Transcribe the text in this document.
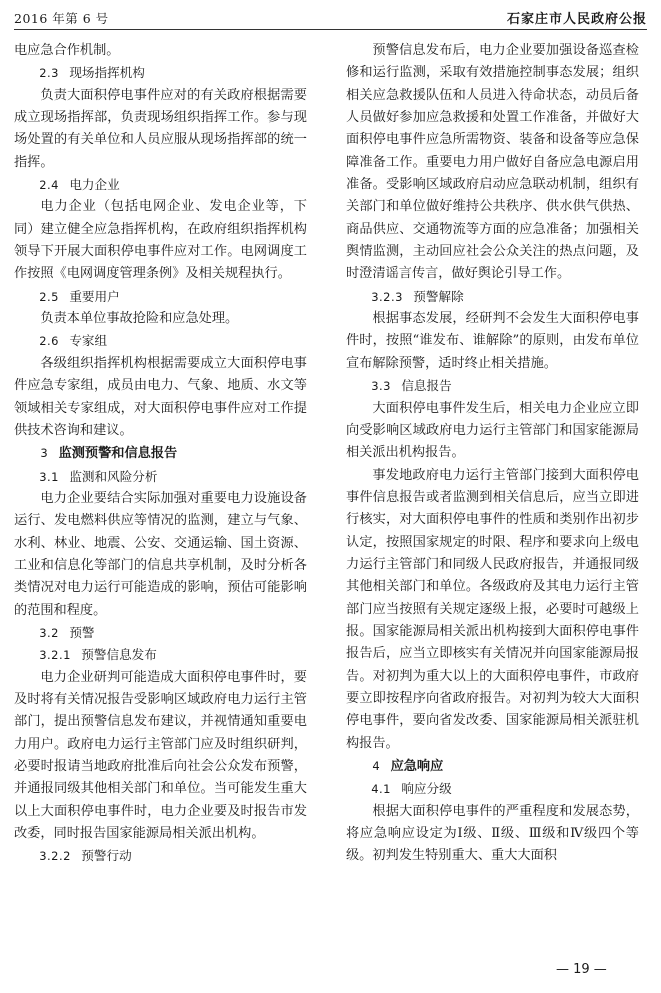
2016 年第 6 号	石家庄市人民政府公报

电应急合作机制。

2.3 现场指挥机构

负责大面积停电事件应对的有关政府根据需要成立现场指挥部，负责现场组织指挥工作。参与现场处置的有关单位和人员应服从现场指挥部的统一指挥。

2.4 电力企业

电力企业（包括电网企业、发电企业等，下同）建立健全应急指挥机构，在政府组织指挥机构领导下开展大面积停电事件应对工作。电网调度工作按照《电网调度管理条例》及相关规程执行。

2.5 重要用户

负责本单位事故抢险和应急处理。

2.6 专家组

各级组织指挥机构根据需要成立大面积停电事件应急专家组，成员由电力、气象、地质、水文等领域相关专家组成，对大面积停电事件应对工作提供技术咨询和建议。

3 监测预警和信息报告
3.1 监测和风险分析

电力企业要结合实际加强对重要电力设施设备运行、发电燃料供应等情况的监测，建立与气象、水利、林业、地震、公安、交通运输、国土资源、工业和信息化等部门的信息共享机制，及时分析各类情况对电力运行可能造成的影响，预估可能影响的范围和程度。

3.2 预警
3.2.1 预警信息发布

电力企业研判可能造成大面积停电事件时，要及时将有关情况报告受影响区域政府电力运行主管部门，提出预警信息发布建议，并视情通知重要电力用户。政府电力运行主管部门应及时组织研判，必要时报请当地政府批准后向社会公众发布预警，并通报同级其他相关部门和单位。当可能发生重大以上大面积停电事件时，电力企业要及时报告市发改委，同时报告国家能源局相关派出机构。

3.2.2 预警行动

预警信息发布后，电力企业要加强设备巡查检修和运行监测，采取有效措施控制事态发展；组织相关应急救援队伍和人员进入待命状态，动员后备人员做好参加应急救援和处置工作准备，并做好大面积停电事件应急所需物资、装备和设备等应急保障准备工作。重要电力用户做好自备应急电源启用准备。受影响区域政府启动应急联动机制，组织有关部门和单位做好维持公共秩序、供水供气供热、商品供应、交通物流等方面的应急准备；加强相关舆情监测，主动回应社会公众关注的热点问题，及时澄清谣言传言，做好舆论引导工作。

3.2.3 预警解除

根据事态发展，经研判不会发生大面积停电事件时，按照“谁发布、谁解除”的原则，由发布单位宣布解除预警，适时终止相关措施。

3.3 信息报告

大面积停电事件发生后，相关电力企业应立即向受影响区域政府电力运行主管部门和国家能源局相关派出机构报告。

事发地政府电力运行主管部门接到大面积停电事件信息报告或者监测到相关信息后，应当立即进行核实，对大面积停电事件的性质和类别作出初步认定，按照国家规定的时限、程序和要求向上级电力运行主管部门和同级人民政府报告，并通报同级其他相关部门和单位。各级政府及其电力运行主管部门应当按照有关规定逐级上报，必要时可越级上报。国家能源局相关派出机构接到大面积停电事件报告后，应当立即核实有关情况并向国家能源局报告。对初判为重大以上的大面积停电事件，市政府要立即按程序向省政府报告。对初判为较大大面积停电事件，要向省发改委、国家能源局相关派驻机构报告。

4 应急响应
4.1 响应分级

根据大面积停电事件的严重程度和发展态势，将应急响应设定为Ⅰ级、Ⅱ级、Ⅲ级和Ⅳ级四个等级。初判发生特别重大、重大大面积

— 19 —
